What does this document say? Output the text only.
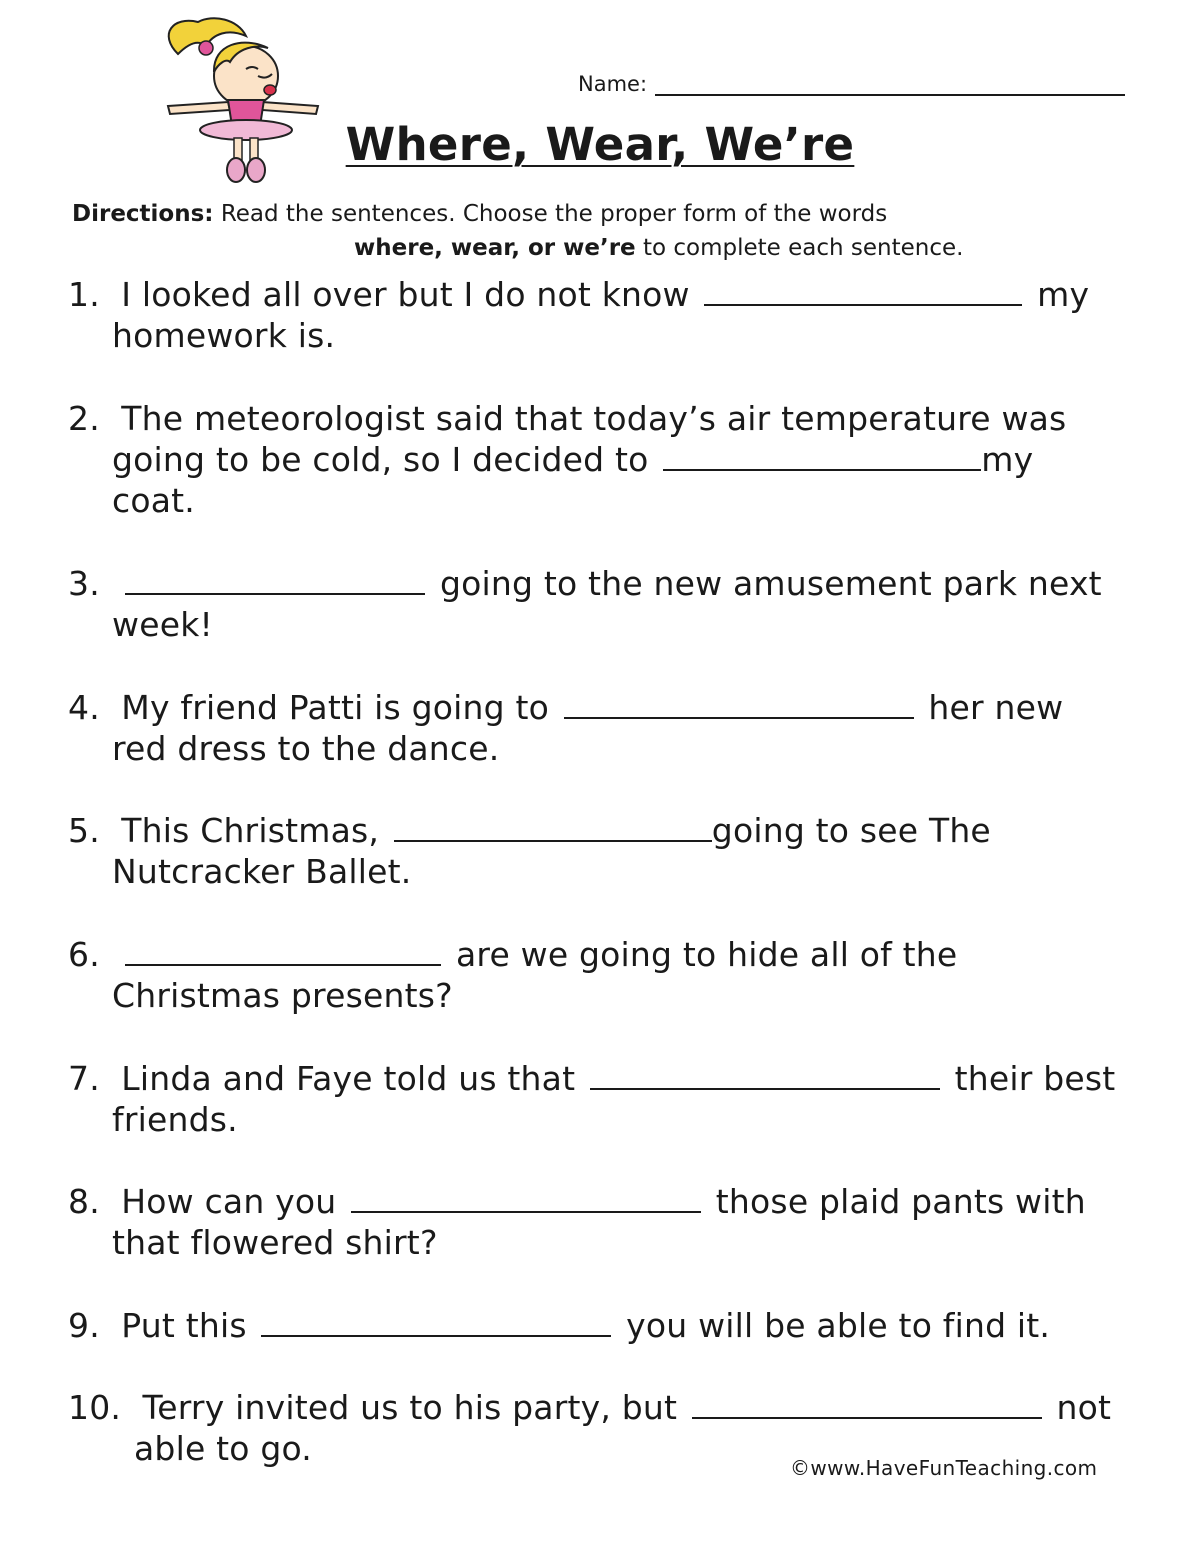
Name:
Where, Wear, We’re
Directions: Read the sentences. Choose the proper form of the words
where, wear, or we’re to complete each sentence.
1. I looked all over but I do not know	my
homework is.
2. The meteorologist said that today’s air temperature was
going to be cold, so I decided to	my
coat.
3.	going to the new amusement park next
week!
4. My friend Patti is going to	her new
red dress to the dance.
5. This Christmas,	going to see The
Nutcracker Ballet.
6.	are we going to hide all of the
Christmas presents?
7. Linda and Faye told us that	their best
friends.
8. How can you	those plaid pants with
that flowered shirt?
9. Put this	you will be able to find it.
10. Terry invited us to his party, but	not
able to go.	©www.HaveFunTeaching.com
